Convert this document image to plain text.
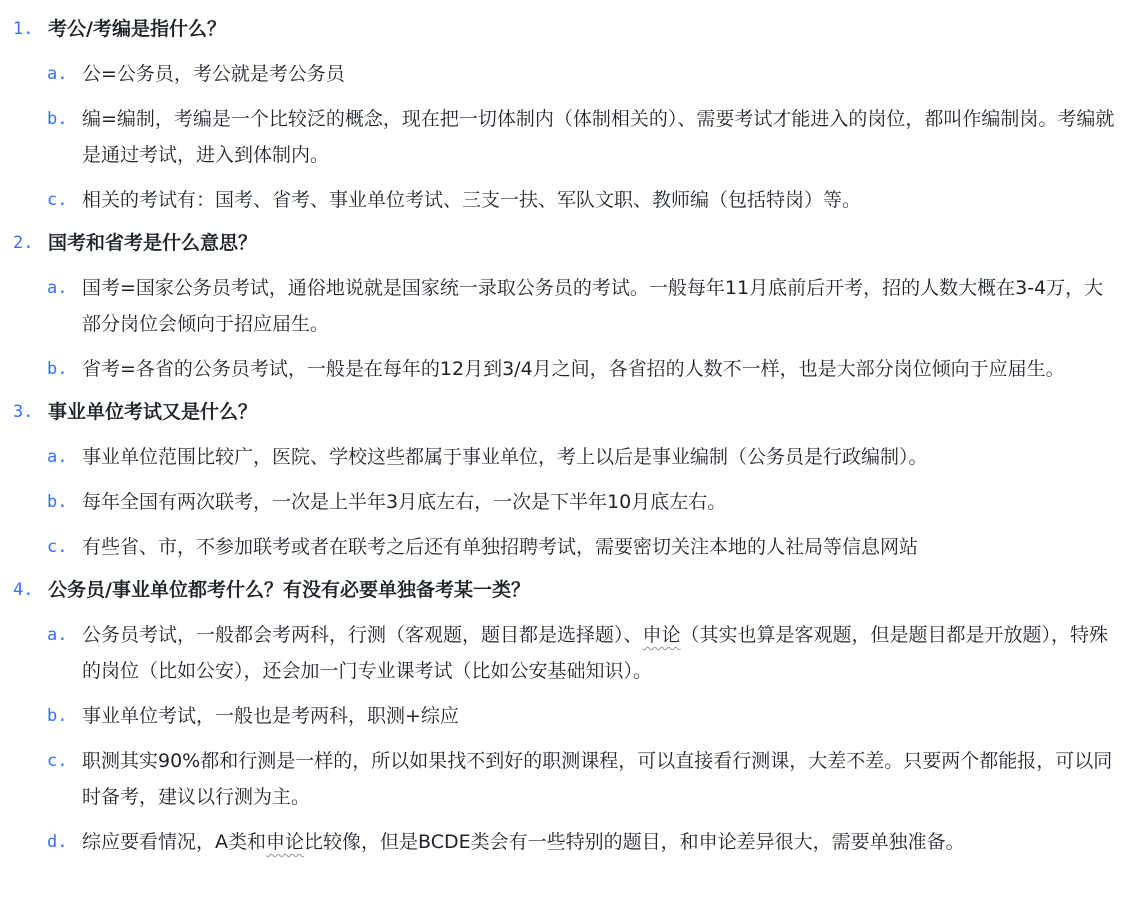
1. 考公/考编是指什么？
a. 公=公务员，考公就是考公务员
b. 编=编制，考编是一个比较泛的概念，现在把一切体制内（体制相关的）、需要考试才能进入的岗位，都叫作编制岗。考编就是通过考试，进入到体制内。
c. 相关的考试有：国考、省考、事业单位考试、三支一扶、军队文职、教师编（包括特岗）等。
2. 国考和省考是什么意思？
a. 国考=国家公务员考试，通俗地说就是国家统一录取公务员的考试。一般每年11月底前后开考，招的人数大概在3-4万，大部分岗位会倾向于招应届生。
b. 省考=各省的公务员考试，一般是在每年的12月到3/4月之间，各省招的人数不一样，也是大部分岗位倾向于应届生。
3. 事业单位考试又是什么？
a. 事业单位范围比较广，医院、学校这些都属于事业单位，考上以后是事业编制（公务员是行政编制）。
b. 每年全国有两次联考，一次是上半年3月底左右，一次是下半年10月底左右。
c. 有些省、市，不参加联考或者在联考之后还有单独招聘考试，需要密切关注本地的人社局等信息网站
4. 公务员/事业单位都考什么？有没有必要单独备考某一类？
a. 公务员考试，一般都会考两科，行测（客观题，题目都是选择题）、申论（其实也算是客观题，但是题目都是开放题），特殊的岗位（比如公安），还会加一门专业课考试（比如公安基础知识）。
b. 事业单位考试，一般也是考两科，职测+综应
c. 职测其实90%都和行测是一样的，所以如果找不到好的职测课程，可以直接看行测课，大差不差。只要两个都能报，可以同时备考，建议以行测为主。
d. 综应要看情况，A类和申论比较像，但是BCDE类会有一些特别的题目，和申论差异很大，需要单独准备。
